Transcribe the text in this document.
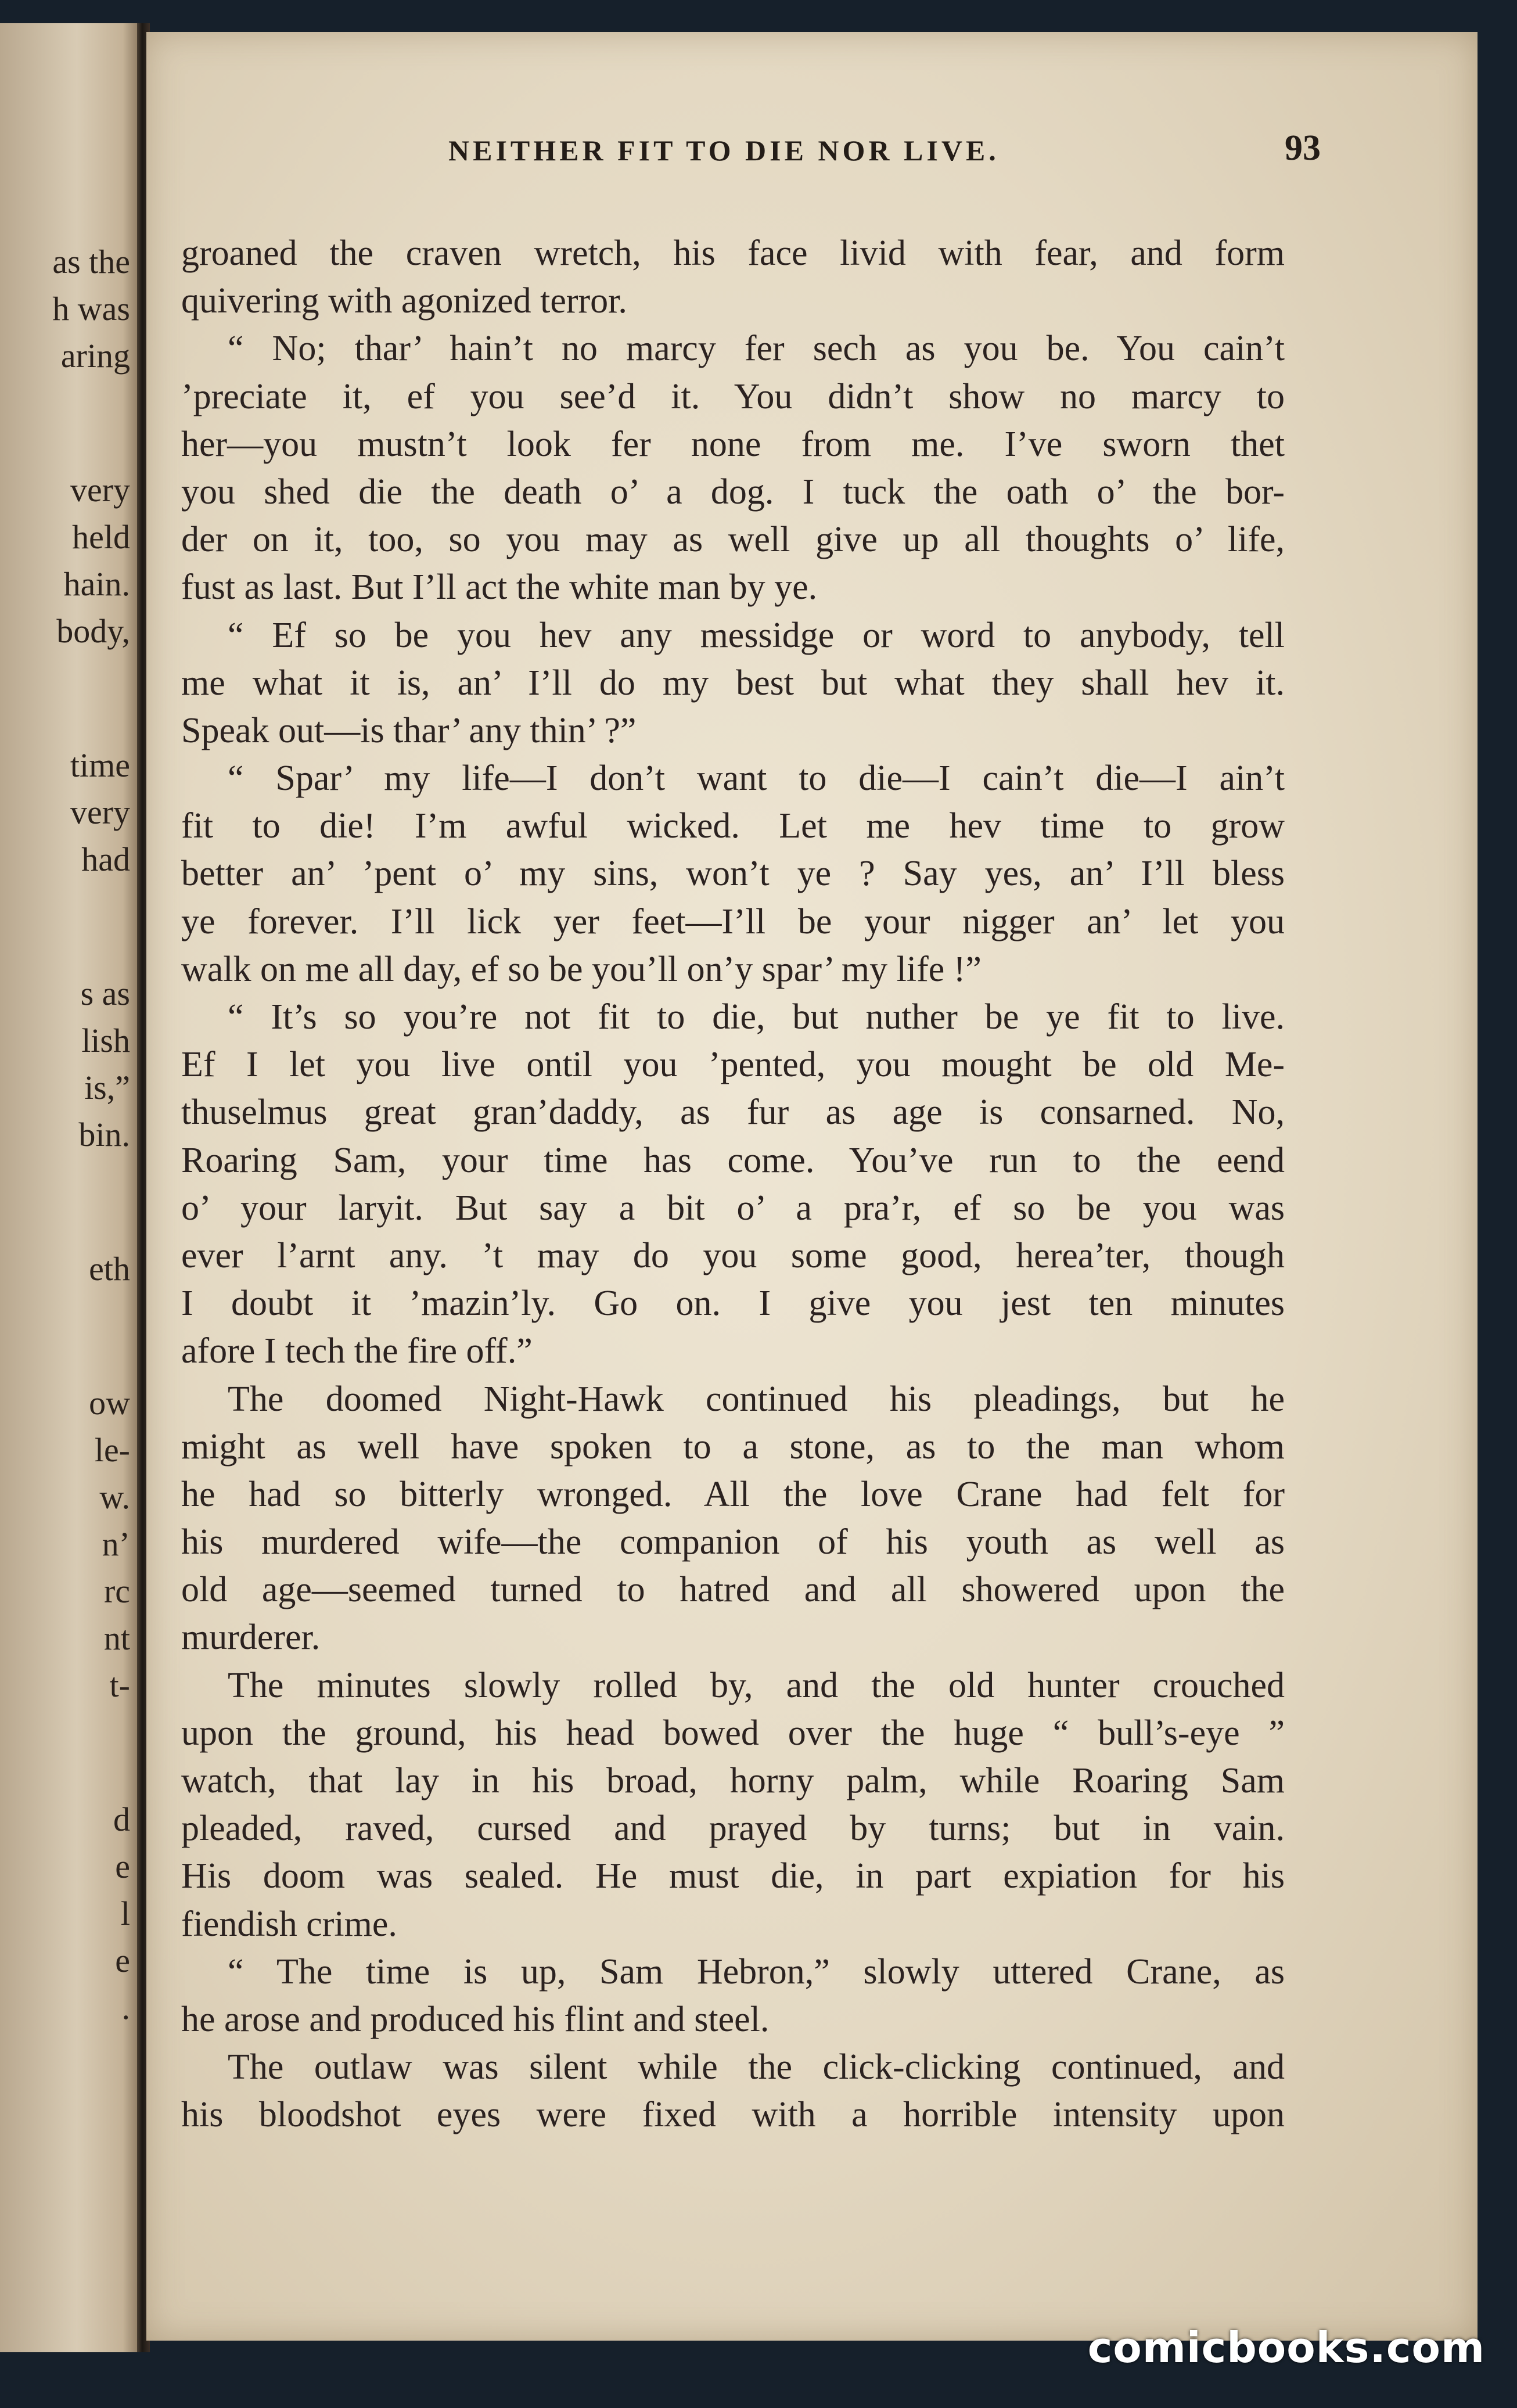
as the
h was
aring
very
held
hain.
body,
time
very
had
s as
lish
is,”
bin.
eth
ow
le-
w.
n’
rc
nt
t-
d
e
l
e
.
NEITHER FIT TO DIE NOR LIVE.	93
groaned the craven wretch, his face livid with fear, and form
quivering with agonized terror.
“ No; thar’ hain’t no marcy fer sech as you be. You cain’t
’preciate it, ef you see’d it. You didn’t show no marcy to
her—you mustn’t look fer none from me. I’ve sworn thet
you shed die the death o’ a dog. I tuck the oath o’ the bor-
der on it, too, so you may as well give up all thoughts o’ life,
fust as last. But I’ll act the white man by ye.
“ Ef so be you hev any messidge or word to anybody, tell
me what it is, an’ I’ll do my best but what they shall hev it.
Speak out—is thar’ any thin’ ?”
“ Spar’ my life—I don’t want to die—I cain’t die—I ain’t
fit to die! I’m awful wicked. Let me hev time to grow
better an’ ’pent o’ my sins, won’t ye ? Say yes, an’ I’ll bless
ye forever. I’ll lick yer feet—I’ll be your nigger an’ let you
walk on me all day, ef so be you’ll on’y spar’ my life !”
“ It’s so you’re not fit to die, but nuther be ye fit to live.
Ef I let you live ontil you ’pented, you mought be old Me-
thuselmus great gran’daddy, as fur as age is consarned. No,
Roaring Sam, your time has come. You’ve run to the eend
o’ your laryit. But say a bit o’ a pra’r, ef so be you was
ever l’arnt any. ’t may do you some good, herea’ter, though
I doubt it ’mazin’ly. Go on. I give you jest ten minutes
afore I tech the fire off.”
The doomed Night-Hawk continued his pleadings, but he
might as well have spoken to a stone, as to the man whom
he had so bitterly wronged. All the love Crane had felt for
his murdered wife—the companion of his youth as well as
old age—seemed turned to hatred and all showered upon the
murderer.
The minutes slowly rolled by, and the old hunter crouched
upon the ground, his head bowed over the huge “ bull’s-eye ”
watch, that lay in his broad, horny palm, while Roaring Sam
pleaded, raved, cursed and prayed by turns; but in vain.
His doom was sealed. He must die, in part expiation for his
fiendish crime.
“ The time is up, Sam Hebron,” slowly uttered Crane, as
he arose and produced his flint and steel.
The outlaw was silent while the click-clicking continued, and
his bloodshot eyes were fixed with a horrible intensity upon
comicbooks.com
